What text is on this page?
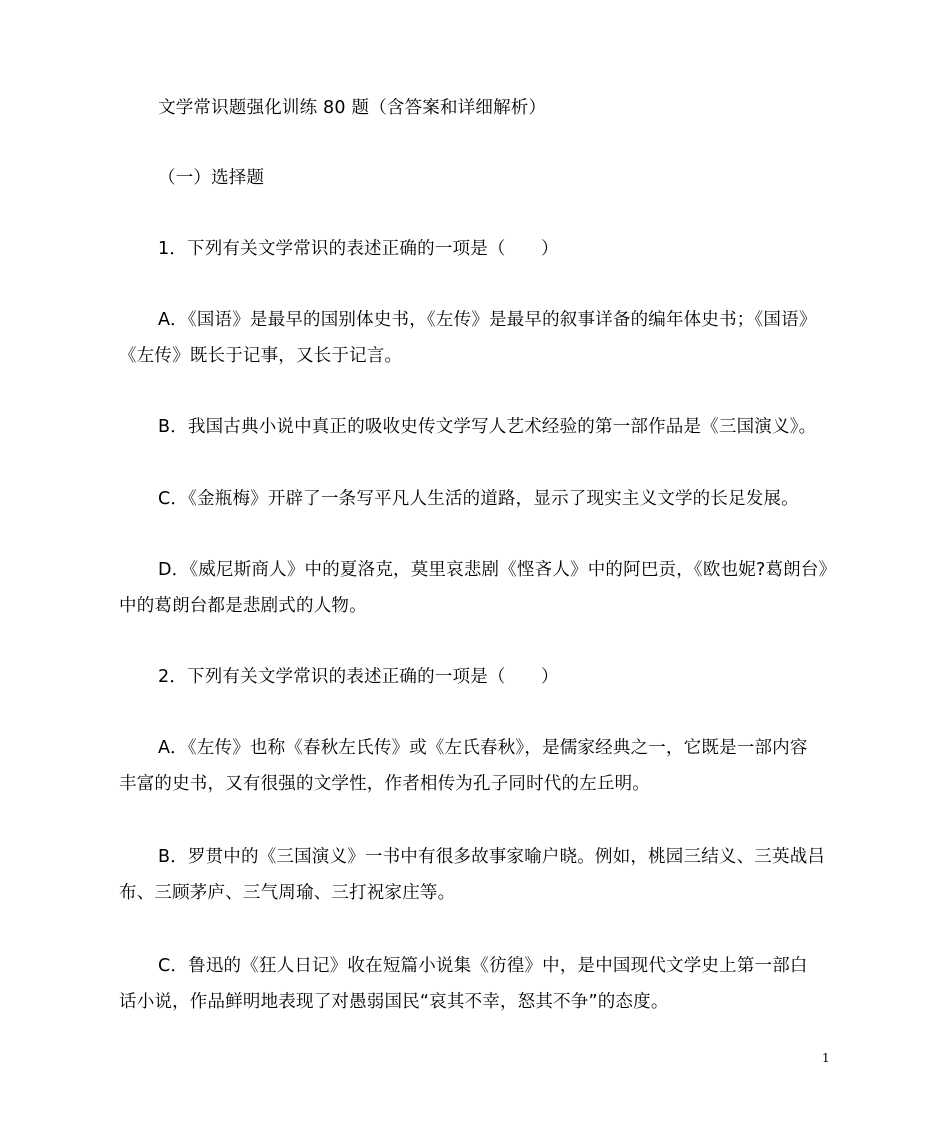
文学常识题强化训练 80 题（含答案和详细解析）
（一）选择题
1．下列有关文学常识的表述正确的一项是（　　）
A．《国语》是最早的国别体史书，《左传》是最早的叙事详备的编年体史书；《国语》
《左传》既长于记事，又长于记言。
B．我国古典小说中真正的吸收史传文学写人艺术经验的第一部作品是《三国演义》。
C．《金瓶梅》开辟了一条写平凡人生活的道路，显示了现实主义文学的长足发展。
D．《威尼斯商人》中的夏洛克，莫里哀悲剧《悭吝人》中的阿巴贡，《欧也妮?葛朗台》
中的葛朗台都是悲剧式的人物。
2．下列有关文学常识的表述正确的一项是（　　）
A．《左传》也称《春秋左氏传》或《左氏春秋》，是儒家经典之一，它既是一部内容
丰富的史书，又有很强的文学性，作者相传为孔子同时代的左丘明。
B．罗贯中的《三国演义》一书中有很多故事家喻户晓。例如，桃园三结义、三英战吕
布、三顾茅庐、三气周瑜、三打祝家庄等。
C．鲁迅的《狂人日记》收在短篇小说集《彷徨》中，是中国现代文学史上第一部白
话小说，作品鲜明地表现了对愚弱国民“哀其不幸，怒其不争”的态度。
1
